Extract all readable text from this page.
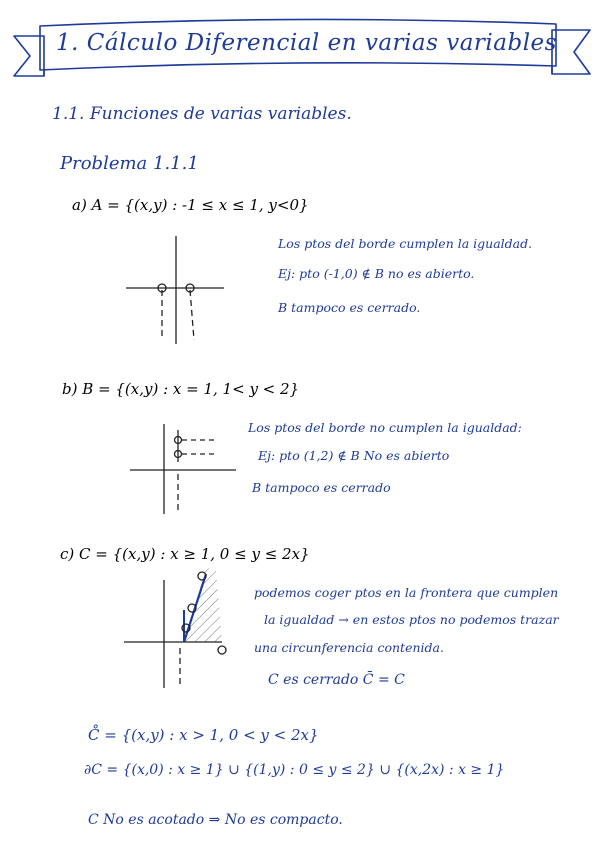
1. Cálculo Diferencial en varias variables
1.1. Funciones de varias variables.
Problema 1.1.1
a) A = {(x,y) : -1 ≤ x ≤ 1, y<0}
Los ptos del borde cumplen la igualdad.
Ej: pto (-1,0) ∉ B no es abierto.
B tampoco es cerrado.
b) B = {(x,y) : x = 1, 1< y < 2}
Los ptos del borde no cumplen la igualdad:
Ej: pto (1,2) ∉ B No es abierto
B tampoco es cerrado
c) C = {(x,y) : x ≥ 1, 0 ≤ y ≤ 2x}
podemos coger ptos en la frontera que cumplen
la igualdad → en estos ptos no podemos trazar
una circunferencia contenida.
C es cerrado C̄ = C
C̊ = {(x,y) : x > 1, 0 < y < 2x}
∂C = {(x,0) : x ≥ 1} ∪ {(1,y) : 0 ≤ y ≤ 2} ∪ {(x,2x) : x ≥ 1}
C No es acotado ⇒ No es compacto.
